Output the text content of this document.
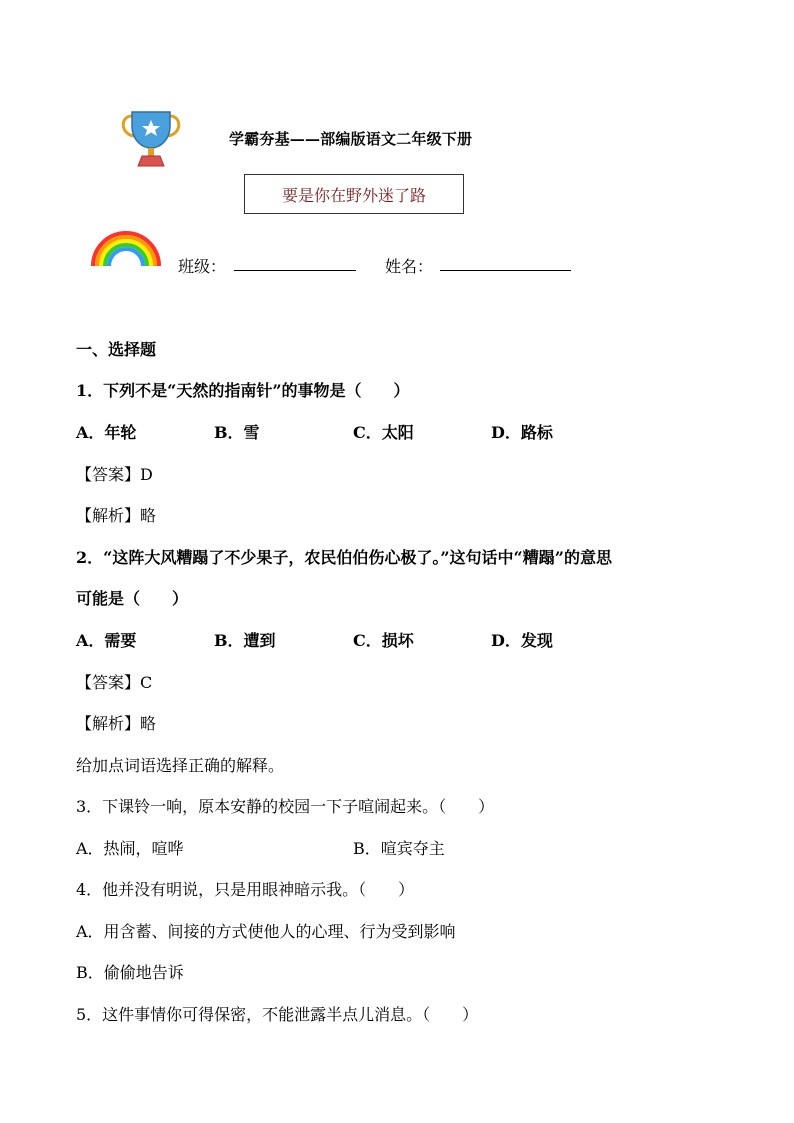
学霸夯基——部编版语文二年级下册
要是你在野外迷了路
班级：	姓名：
一、选择题
1．下列不是“天然的指南针”的事物是（　　）
A．年轮	B．雪	C．太阳	D．路标
【答案】D
【解析】略
2．“这阵大风糟蹋了不少果子，农民伯伯伤心极了。”这句话中“糟蹋”的意思
可能是（　　）
A．需要	B．遭到	C．损坏	D．发现
【答案】C
【解析】略
给加点词语选择正确的解释。
3．下课铃一响，原本安静的校园一下子喧闹起来。（　　）
A．热闹，喧哗	B．喧宾夺主
4．他并没有明说，只是用眼神暗示我。（　　）
A．用含蓄、间接的方式使他人的心理、行为受到影响
B．偷偷地告诉
5．这件事情你可得保密，不能泄露半点儿消息。（　　）
